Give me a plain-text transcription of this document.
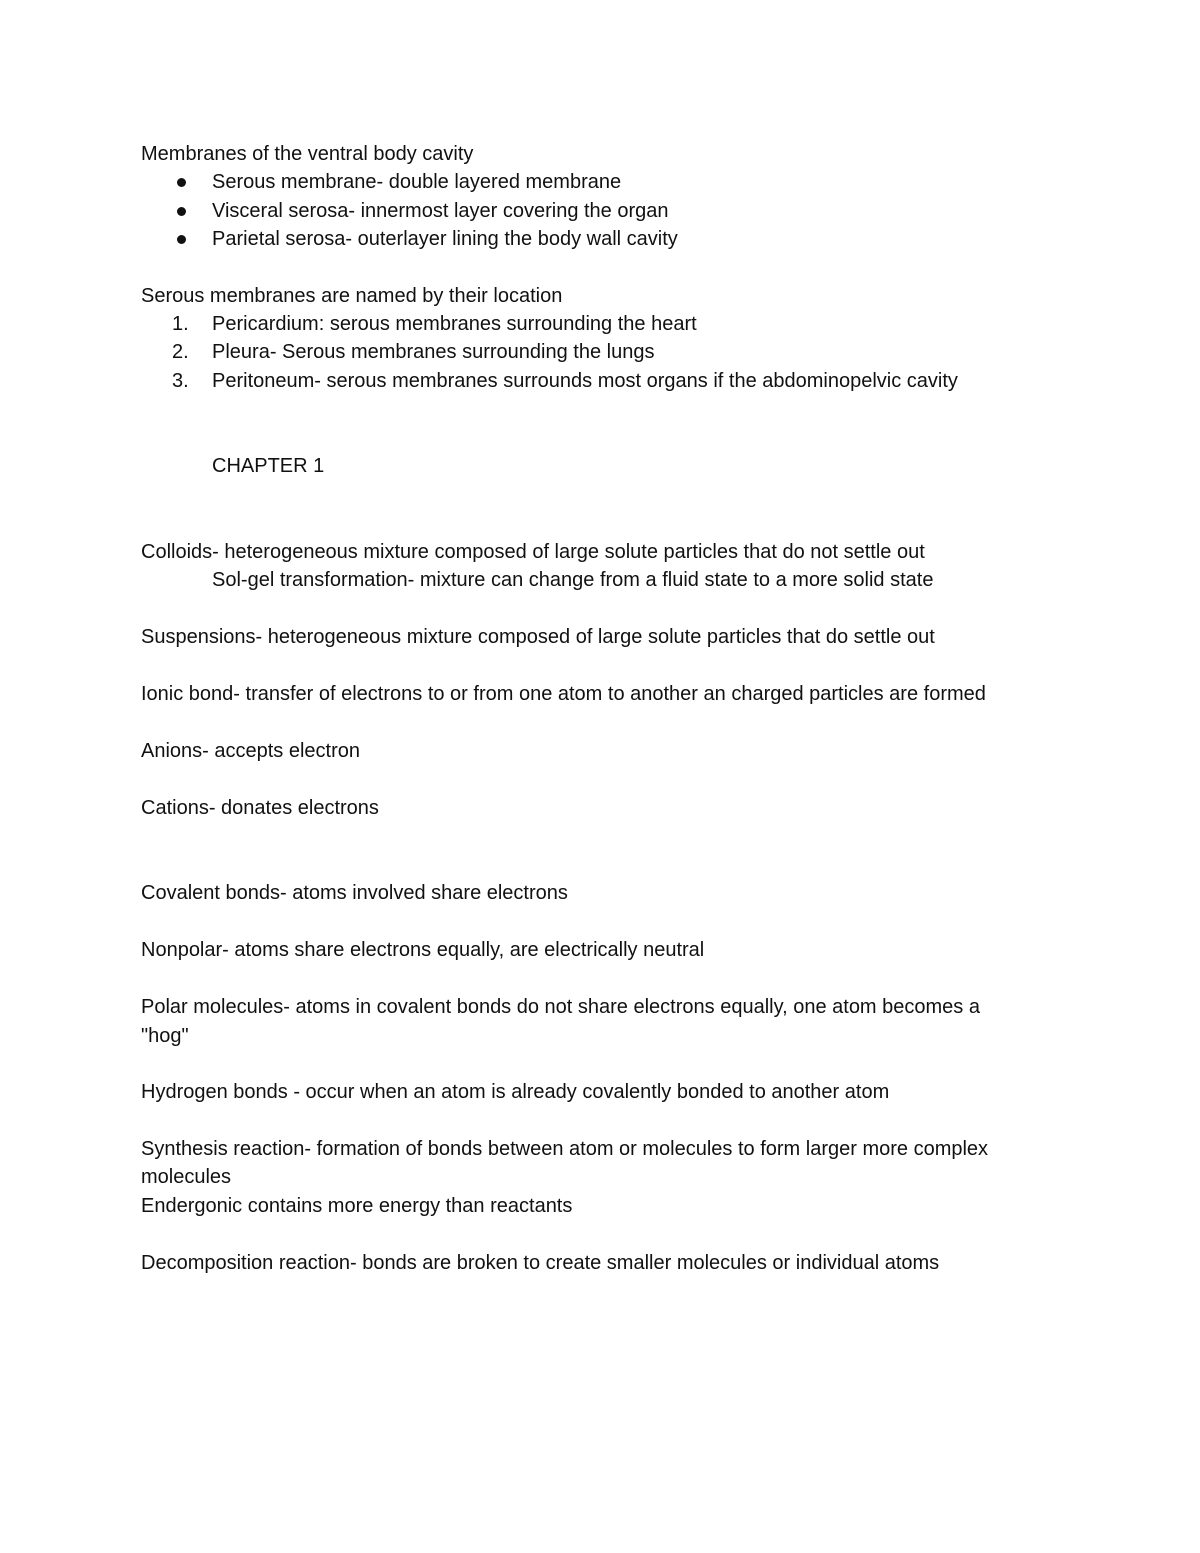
Membranes of the ventral body cavity
Serous membrane- double layered membrane
Visceral serosa- innermost layer covering the organ
Parietal serosa- outerlayer lining the body wall cavity
Serous membranes are named by their location
1.	Pericardium: serous membranes surrounding the heart
2.	Pleura- Serous membranes surrounding the lungs
3.	Peritoneum- serous membranes surrounds most organs if the abdominopelvic cavity
CHAPTER 1
Colloids- heterogeneous mixture composed of large solute particles that do not settle out
Sol-gel transformation- mixture can change from a fluid state to a more solid state
Suspensions- heterogeneous mixture composed of large solute particles that do settle out
Ionic bond- transfer of electrons to or from one atom to another an charged particles are formed
Anions- accepts electron
Cations- donates electrons
Covalent bonds- atoms involved share electrons
Nonpolar- atoms share electrons equally, are electrically neutral
Polar molecules- atoms in covalent bonds do not share electrons equally, one atom becomes a
"hog"
Hydrogen bonds - occur when an atom is already covalently bonded to another atom
Synthesis reaction- formation of bonds between atom or molecules to form larger more complex
molecules
Endergonic contains more energy than reactants
Decomposition reaction- bonds are broken to create smaller molecules or individual atoms
